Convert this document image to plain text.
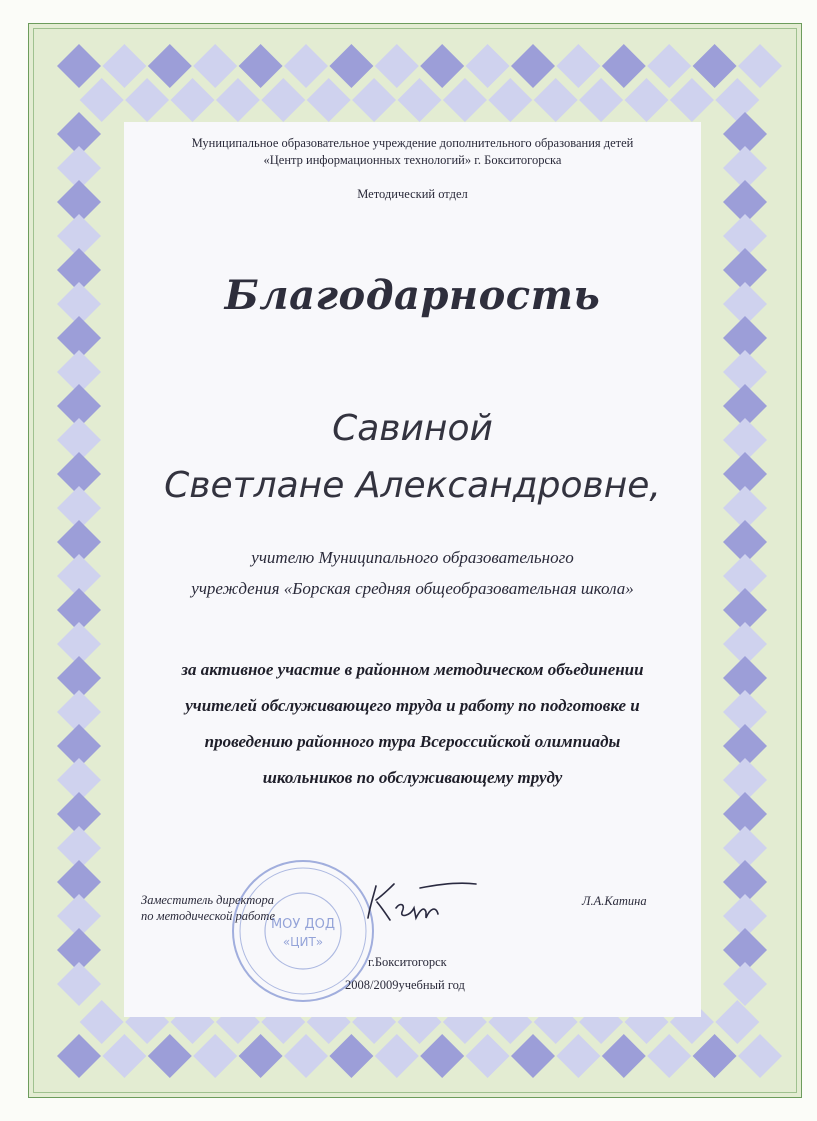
Муниципальное образовательное учреждение дополнительного образования детей
«Центр информационных технологий» г. Бокситогорска
Методический отдел
Благодарность
Савиной
Светлане Александровне,
учителю Муниципального образовательного
учреждения «Борская средняя общеобразовательная школа»
за активное участие в районном методическом объединении
учителей обслуживающего труда и работу по подготовке и
проведению районного тура Всероссийской олимпиады
школьников по обслуживающему труду
МОУ ДОД
«ЦИТ»
Заместитель директора
по методической работе
Л.А.Катина
г.Бокситогорск
2008/2009учебный год
